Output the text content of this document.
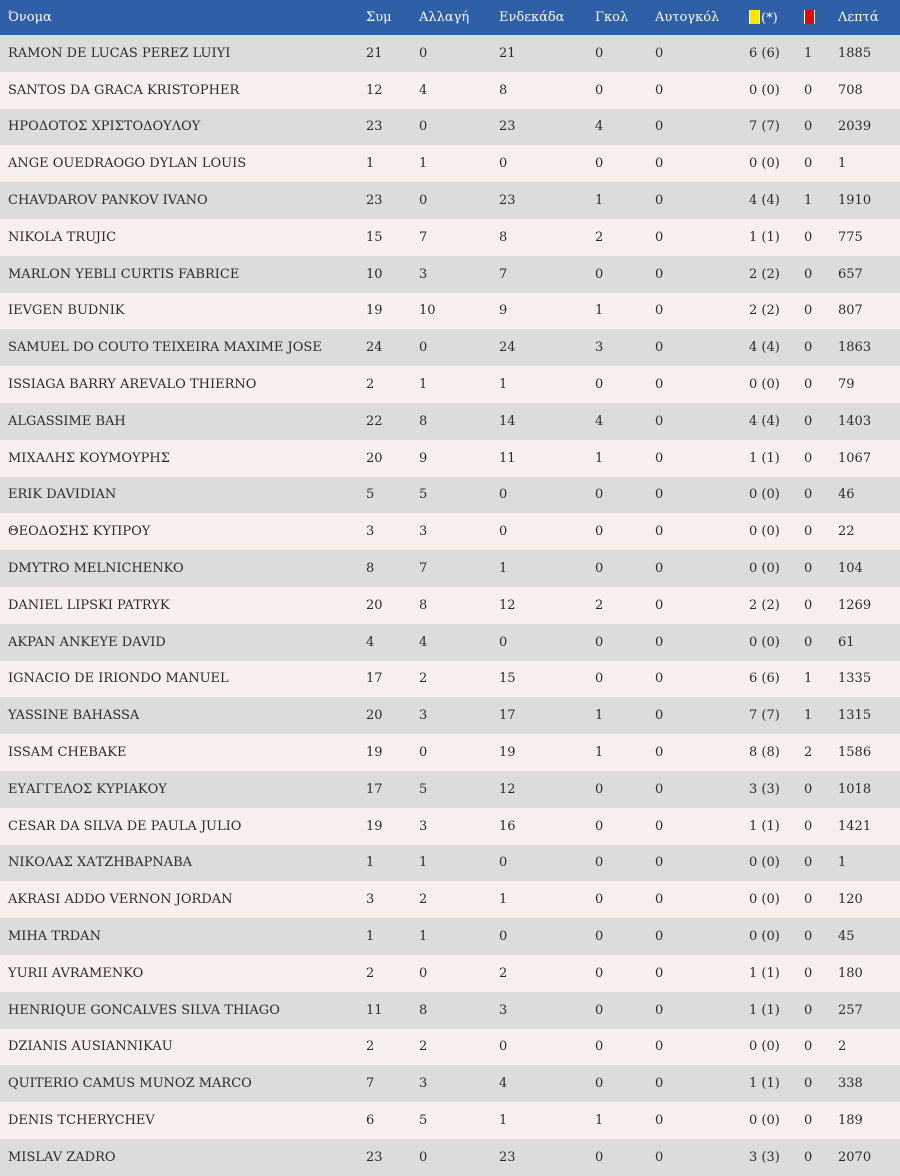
Όνομα	Συμ	Αλλαγή	Ενδεκάδα	Γκολ	Αυτογκόλ	(*)		Λεπτά
RAMON DE LUCAS PEREZ LUIYI	21	0	21	0	0	6 (6)	1	1885
SANTOS DA GRACA KRISTOPHER	12	4	8	0	0	0 (0)	0	708
ΗΡΟΔΟΤΟΣ ΧΡΙΣΤΟΔΟΥΛΟΥ	23	0	23	4	0	7 (7)	0	2039
ANGE OUEDRAOGO DYLAN LOUIS	1	1	0	0	0	0 (0)	0	1
CHAVDAROV PANKOV IVANO	23	0	23	1	0	4 (4)	1	1910
NIKOLA TRUJIC	15	7	8	2	0	1 (1)	0	775
MARLON YEBLI CURTIS FABRICE	10	3	7	0	0	2 (2)	0	657
IEVGEN BUDNIK	19	10	9	1	0	2 (2)	0	807
SAMUEL DO COUTO TEIXEIRA MAXIME JOSE	24	0	24	3	0	4 (4)	0	1863
ISSIAGA BARRY AREVALO THIERNO	2	1	1	0	0	0 (0)	0	79
ALGASSIME BAH	22	8	14	4	0	4 (4)	0	1403
ΜΙΧΑΛΗΣ ΚΟΥΜΟΥΡΗΣ	20	9	11	1	0	1 (1)	0	1067
ERIK DAVIDIAN	5	5	0	0	0	0 (0)	0	46
ΘΕΟΔΟΣΗΣ ΚΥΠΡΟΥ	3	3	0	0	0	0 (0)	0	22
DMYTRO MELNICHENKO	8	7	1	0	0	0 (0)	0	104
DANIEL LIPSKI PATRYK	20	8	12	2	0	2 (2)	0	1269
AKPAN ANKEYE DAVID	4	4	0	0	0	0 (0)	0	61
IGNACIO DE IRIONDO MANUEL	17	2	15	0	0	6 (6)	1	1335
YASSINE BAHASSA	20	3	17	1	0	7 (7)	1	1315
ISSAM CHEBAKE	19	0	19	1	0	8 (8)	2	1586
ΕΥΑΓΓΕΛΟΣ ΚΥΡΙΑΚΟΥ	17	5	12	0	0	3 (3)	0	1018
CESAR DA SILVA DE PAULA JULIO	19	3	16	0	0	1 (1)	0	1421
ΝΙΚΟΛΑΣ ΧΑΤΖΗΒΑΡΝΑΒΑ	1	1	0	0	0	0 (0)	0	1
AKRASI ADDO VERNON JORDAN	3	2	1	0	0	0 (0)	0	120
MIHA TRDAN	1	1	0	0	0	0 (0)	0	45
YURII AVRAMENKO	2	0	2	0	0	1 (1)	0	180
HENRIQUE GONCALVES SILVA THIAGO	11	8	3	0	0	1 (1)	0	257
DZIANIS AUSIANNIKAU	2	2	0	0	0	0 (0)	0	2
QUITERIO CAMUS MUNOZ MARCO	7	3	4	0	0	1 (1)	0	338
DENIS TCHERYCHEV	6	5	1	1	0	0 (0)	0	189
MISLAV ZADRO	23	0	23	0	0	3 (3)	0	2070
